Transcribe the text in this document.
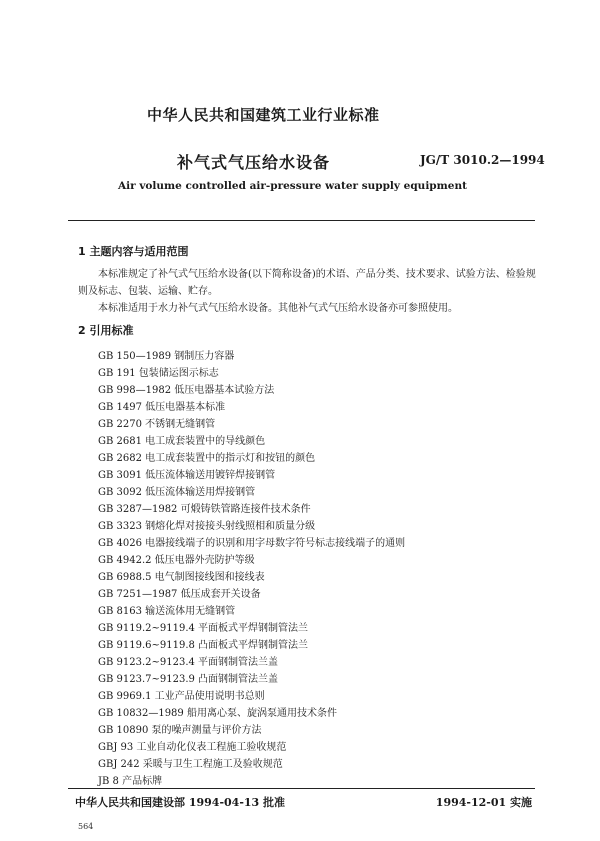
中华人民共和国建筑工业行业标准
补气式气压给水设备	JG/T 3010.2—1994
Air volume controlled air-pressure water supply equipment
1 主题内容与适用范围
本标准规定了补气式气压给水设备(以下简称设备)的术语、产品分类、技术要求、试验方法、检验规
则及标志、包装、运输、贮存。
本标准适用于水力补气式气压给水设备。其他补气式气压给水设备亦可参照使用。
2 引用标准
GB 150—1989 钢制压力容器
GB 191 包装储运图示标志
GB 998—1982 低压电器基本试验方法
GB 1497 低压电器基本标准
GB 2270 不锈钢无缝钢管
GB 2681 电工成套装置中的导线颜色
GB 2682 电工成套装置中的指示灯和按钮的颜色
GB 3091 低压流体输送用镀锌焊接钢管
GB 3092 低压流体输送用焊接钢管
GB 3287—1982 可煅铸铁管路连接件技术条件
GB 3323 钢熔化焊对接接头射线照相和质量分级
GB 4026 电器接线端子的识别和用字母数字符号标志接线端子的通则
GB 4942.2 低压电器外壳防护等级
GB 6988.5 电气制图接线图和接线表
GB 7251—1987 低压成套开关设备
GB 8163 输送流体用无缝钢管
GB 9119.2~9119.4 平面板式平焊钢制管法兰
GB 9119.6~9119.8 凸面板式平焊钢制管法兰
GB 9123.2~9123.4 平面钢制管法兰盖
GB 9123.7~9123.9 凸面钢制管法兰盖
GB 9969.1 工业产品使用说明书总则
GB 10832—1989 船用离心泵、旋涡泵通用技术条件
GB 10890 泵的噪声测量与评价方法
GBJ 93 工业自动化仪表工程施工验收规范
GBJ 242 采暖与卫生工程施工及验收规范
JB 8 产品标牌
中华人民共和国建设部 1994-04-13 批准	1994-12-01 实施
564
